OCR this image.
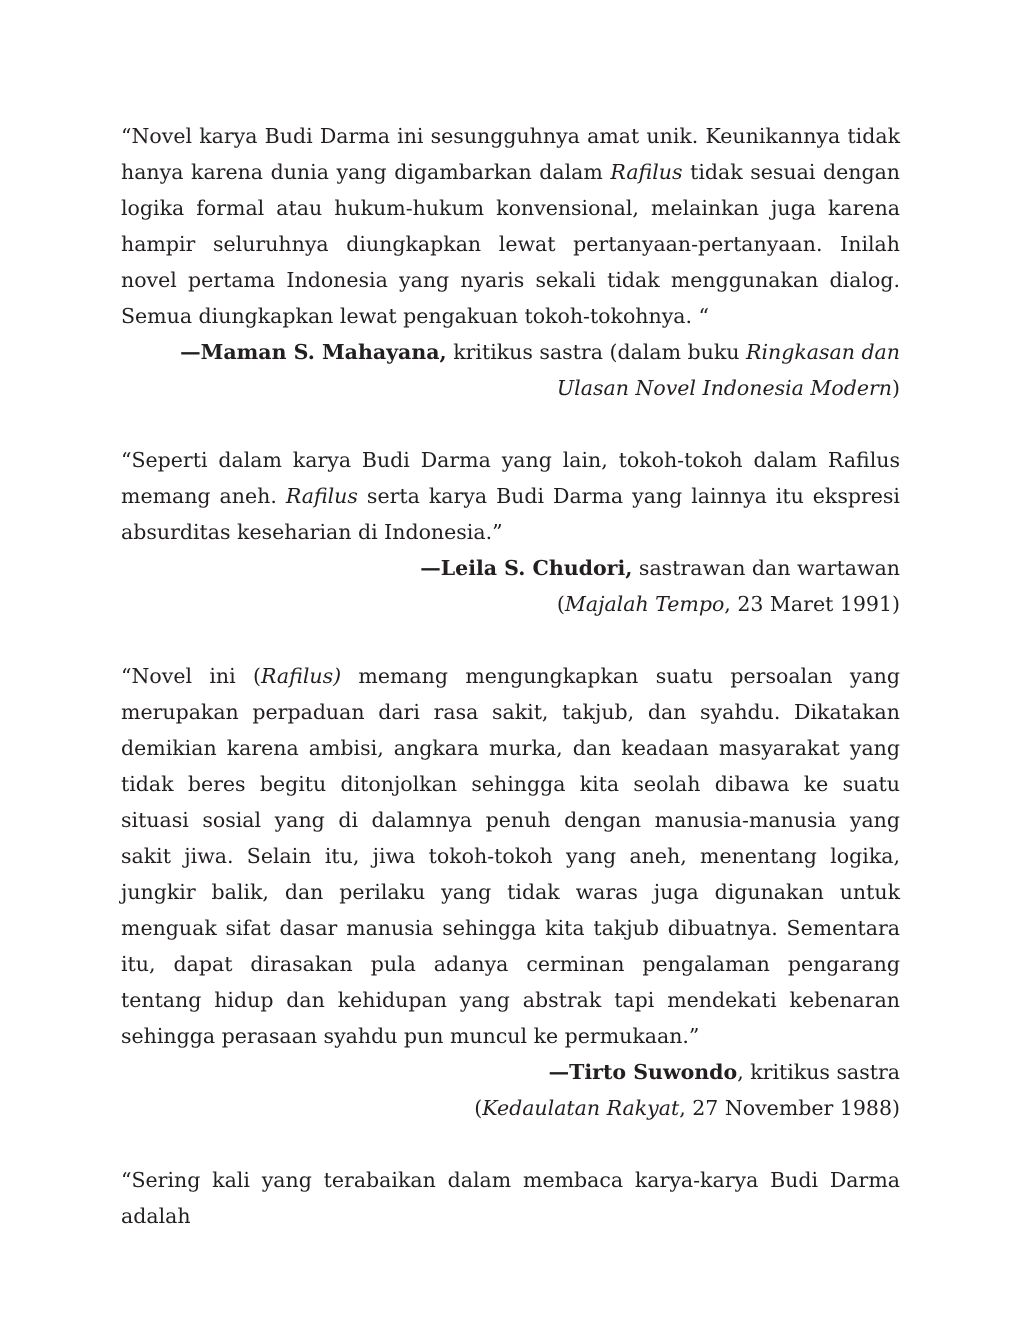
“Novel karya Budi Darma ini sesungguhnya amat unik. Keunikannya tidak hanya karena dunia yang digambarkan dalam Rafilus tidak sesuai dengan logika formal atau hukum-hukum konvensional, melainkan juga karena hampir seluruhnya diungkapkan lewat pertanyaan-pertanyaan. Inilah novel pertama Indonesia yang nyaris sekali tidak menggunakan dialog. Semua diungkapkan lewat pengakuan tokoh-tokohnya. “

—Maman S. Mahayana, kritikus sastra (dalam buku Ringkasan dan Ulasan Novel Indonesia Modern)

“Seperti dalam karya Budi Darma yang lain, tokoh-tokoh dalam Rafilus memang aneh. Rafilus serta karya Budi Darma yang lainnya itu ekspresi absurditas keseharian di Indonesia.”

—Leila S. Chudori, sastrawan dan wartawan

(Majalah Tempo, 23 Maret 1991)

“Novel ini (Rafilus) memang mengungkapkan suatu persoalan yang merupakan perpaduan dari rasa sakit, takjub, dan syahdu. Dikatakan demikian karena ambisi, angkara murka, dan keadaan masyarakat yang tidak beres begitu ditonjolkan sehingga kita seolah dibawa ke suatu situasi sosial yang di dalamnya penuh dengan manusia-manusia yang sakit jiwa. Selain itu, jiwa tokoh-tokoh yang aneh, menentang logika, jungkir balik, dan perilaku yang tidak waras juga digunakan untuk menguak sifat dasar manusia sehingga kita takjub dibuatnya. Sementara itu, dapat dirasakan pula adanya cerminan pengalaman pengarang tentang hidup dan kehidupan yang abstrak tapi mendekati kebenaran sehingga perasaan syahdu pun muncul ke permukaan.”

—Tirto Suwondo, kritikus sastra

(Kedaulatan Rakyat, 27 November 1988)

“Sering kali yang terabaikan dalam membaca karya-karya Budi Darma adalah
